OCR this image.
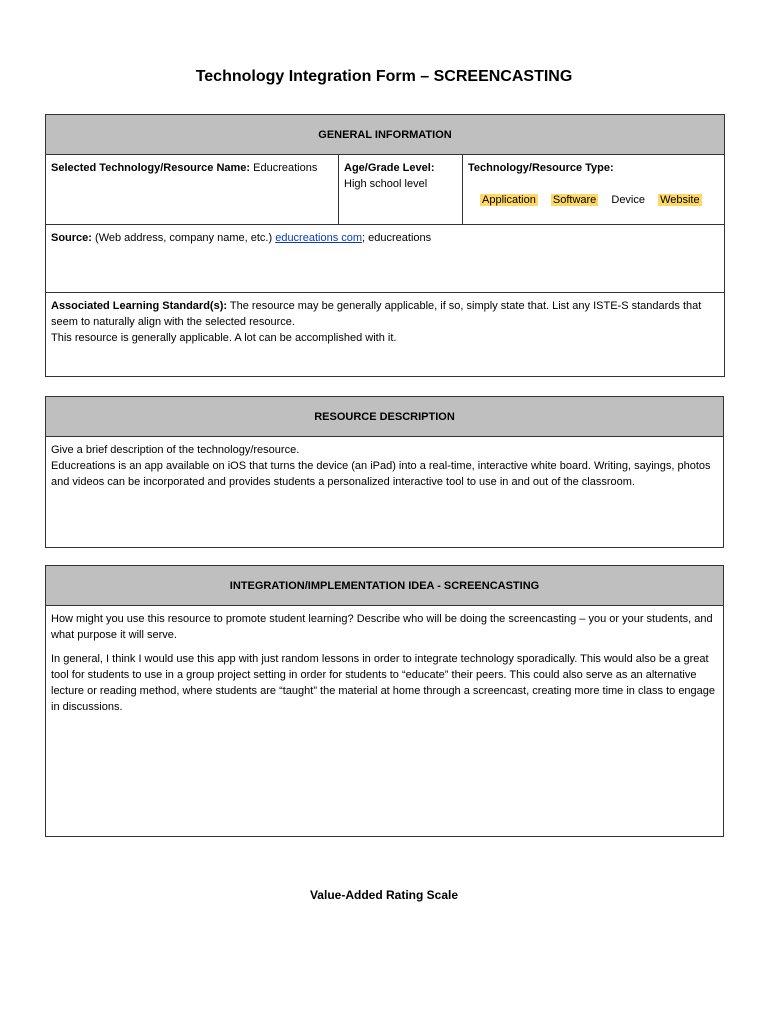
Technology Integration Form – SCREENCASTING
GENERAL INFORMATION

Selected Technology/Resource Name: Educreations	Age/Grade Level:
High school level

Technology/Resource Type:
Application Software Device Website

Source: (Web address, company name, etc.) educreations com; educreations

Associated Learning Standard(s): The resource may be generally applicable, if so, simply state that. List any ISTE-S standards that seem to naturally align with the selected resource.

This resource is generally applicable. A lot can be accomplished with it.

RESOURCE DESCRIPTION

Give a brief description of the technology/resource.

Educreations is an app available on iOS that turns the device (an iPad) into a real-time, interactive white board. Writing, sayings, photos and videos can be incorporated and provides students a personalized interactive tool to use in and out of the classroom.

INTEGRATION/IMPLEMENTATION IDEA - SCREENCASTING

How might you use this resource to promote student learning? Describe who will be doing the screencasting – you or your students, and what purpose it will serve.

In general, I think I would use this app with just random lessons in order to integrate technology sporadically. This would also be a great tool for students to use in a group project setting in order for students to “educate” their peers. This could also serve as an alternative lecture or reading method, where students are “taught” the material at home through a screencast, creating more time in class to engage in discussions.

Value-Added Rating Scale
